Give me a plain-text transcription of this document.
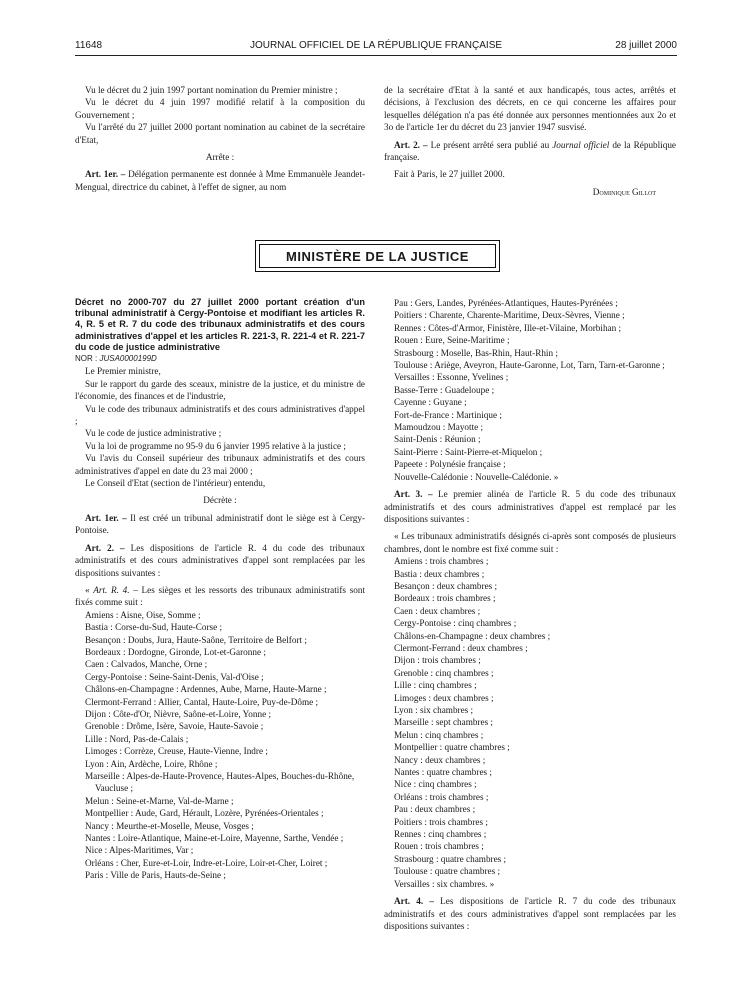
11648	JOURNAL OFFICIEL DE LA RÉPUBLIQUE FRANÇAISE	28 juillet 2000

Vu le décret du 2 juin 1997 portant nomination du Premier ministre ;

Vu le décret du 4 juin 1997 modifié relatif à la composition du Gouvernement ;

Vu l'arrêté du 27 juillet 2000 portant nomination au cabinet de la secrétaire d'Etat,

Arrête :

Art. 1er. – Délégation permanente est donnée à Mme Emmanuèle Jeandet-Mengual, directrice du cabinet, à l'effet de signer, au nom

de la secrétaire d'Etat à la santé et aux handicapés, tous actes, arrêtés et décisions, à l'exclusion des décrets, en ce qui concerne les affaires pour lesquelles délégation n'a pas été donnée aux personnes mentionnées aux 2o et 3o de l'article 1er du décret du 23 janvier 1947 susvisé.

Art. 2. – Le présent arrêté sera publié au Journal officiel de la République française.

Fait à Paris, le 27 juillet 2000.

Dominique Gillot

MINISTÈRE DE LA JUSTICE

Décret no 2000-707 du 27 juillet 2000 portant création d'un tribunal administratif à Cergy-Pontoise et modifiant les articles R. 4, R. 5 et R. 7 du code des tribunaux administratifs et des cours administratives d'appel et les articles R. 221-3, R. 221-4 et R. 221-7 du code de justice administrative

NOR : JUSA0000199D

Le Premier ministre,

Sur le rapport du garde des sceaux, ministre de la justice, et du ministre de l'économie, des finances et de l'industrie,

Vu le code des tribunaux administratifs et des cours administratives d'appel ;

Vu le code de justice administrative ;

Vu la loi de programme no 95-9 du 6 janvier 1995 relative à la justice ;

Vu l'avis du Conseil supérieur des tribunaux administratifs et des cours administratives d'appel en date du 23 mai 2000 ;

Le Conseil d'Etat (section de l'intérieur) entendu,

Décrète :

Art. 1er. – Il est créé un tribunal administratif dont le siège est à Cergy-Pontoise.

Art. 2. – Les dispositions de l'article R. 4 du code des tribunaux administratifs et des cours administratives d'appel sont remplacées par les dispositions suivantes :

« Art. R. 4. – Les sièges et les ressorts des tribunaux administratifs sont fixés comme suit :

Amiens : Aisne, Oise, Somme ;

Bastia : Corse-du-Sud, Haute-Corse ;

Besançon : Doubs, Jura, Haute-Saône, Territoire de Belfort ;

Bordeaux : Dordogne, Gironde, Lot-et-Garonne ;

Caen : Calvados, Manche, Orne ;

Cergy-Pontoise : Seine-Saint-Denis, Val-d'Oise ;

Châlons-en-Champagne : Ardennes, Aube, Marne, Haute-Marne ;

Clermont-Ferrand : Allier, Cantal, Haute-Loire, Puy-de-Dôme ;

Dijon : Côte-d'Or, Nièvre, Saône-et-Loire, Yonne ;

Grenoble : Drôme, Isère, Savoie, Haute-Savoie ;

Lille : Nord, Pas-de-Calais ;

Limoges : Corrèze, Creuse, Haute-Vienne, Indre ;

Lyon : Ain, Ardèche, Loire, Rhône ;

Marseille : Alpes-de-Haute-Provence, Hautes-Alpes, Bouches-du-Rhône, Vaucluse ;

Melun : Seine-et-Marne, Val-de-Marne ;

Montpellier : Aude, Gard, Hérault, Lozère, Pyrénées-Orientales ;

Nancy : Meurthe-et-Moselle, Meuse, Vosges ;

Nantes : Loire-Atlantique, Maine-et-Loire, Mayenne, Sarthe, Vendée ;

Nice : Alpes-Maritimes, Var ;

Orléans : Cher, Eure-et-Loir, Indre-et-Loire, Loir-et-Cher, Loiret ;

Paris : Ville de Paris, Hauts-de-Seine ;

Pau : Gers, Landes, Pyrénées-Atlantiques, Hautes-Pyrénées ;

Poitiers : Charente, Charente-Maritime, Deux-Sèvres, Vienne ;

Rennes : Côtes-d'Armor, Finistère, Ille-et-Vilaine, Morbihan ;

Rouen : Eure, Seine-Maritime ;

Strasbourg : Moselle, Bas-Rhin, Haut-Rhin ;

Toulouse : Ariège, Aveyron, Haute-Garonne, Lot, Tarn, Tarn-et-Garonne ;

Versailles : Essonne, Yvelines ;

Basse-Terre : Guadeloupe ;

Cayenne : Guyane ;

Fort-de-France : Martinique ;

Mamoudzou : Mayotte ;

Saint-Denis : Réunion ;

Saint-Pierre : Saint-Pierre-et-Miquelon ;

Papeete : Polynésie française ;

Nouvelle-Calédonie : Nouvelle-Calédonie. »

Art. 3. – Le premier alinéa de l'article R. 5 du code des tribunaux administratifs et des cours administratives d'appel est remplacé par les dispositions suivantes :

« Les tribunaux administratifs désignés ci-après sont composés de plusieurs chambres, dont le nombre est fixé comme suit :

Amiens : trois chambres ;

Bastia : deux chambres ;

Besançon : deux chambres ;

Bordeaux : trois chambres ;

Caen : deux chambres ;

Cergy-Pontoise : cinq chambres ;

Châlons-en-Champagne : deux chambres ;

Clermont-Ferrand : deux chambres ;

Dijon : trois chambres ;

Grenoble : cinq chambres ;

Lille : cinq chambres ;

Limoges : deux chambres ;

Lyon : six chambres ;

Marseille : sept chambres ;

Melun : cinq chambres ;

Montpellier : quatre chambres ;

Nancy : deux chambres ;

Nantes : quatre chambres ;

Nice : cinq chambres ;

Orléans : trois chambres ;

Pau : deux chambres ;

Poitiers : trois chambres ;

Rennes : cinq chambres ;

Rouen : trois chambres ;

Strasbourg : quatre chambres ;

Toulouse : quatre chambres ;

Versailles : six chambres. »

Art. 4. – Les dispositions de l'article R. 7 du code des tribunaux administratifs et des cours administratives d'appel sont remplacées par les dispositions suivantes :
